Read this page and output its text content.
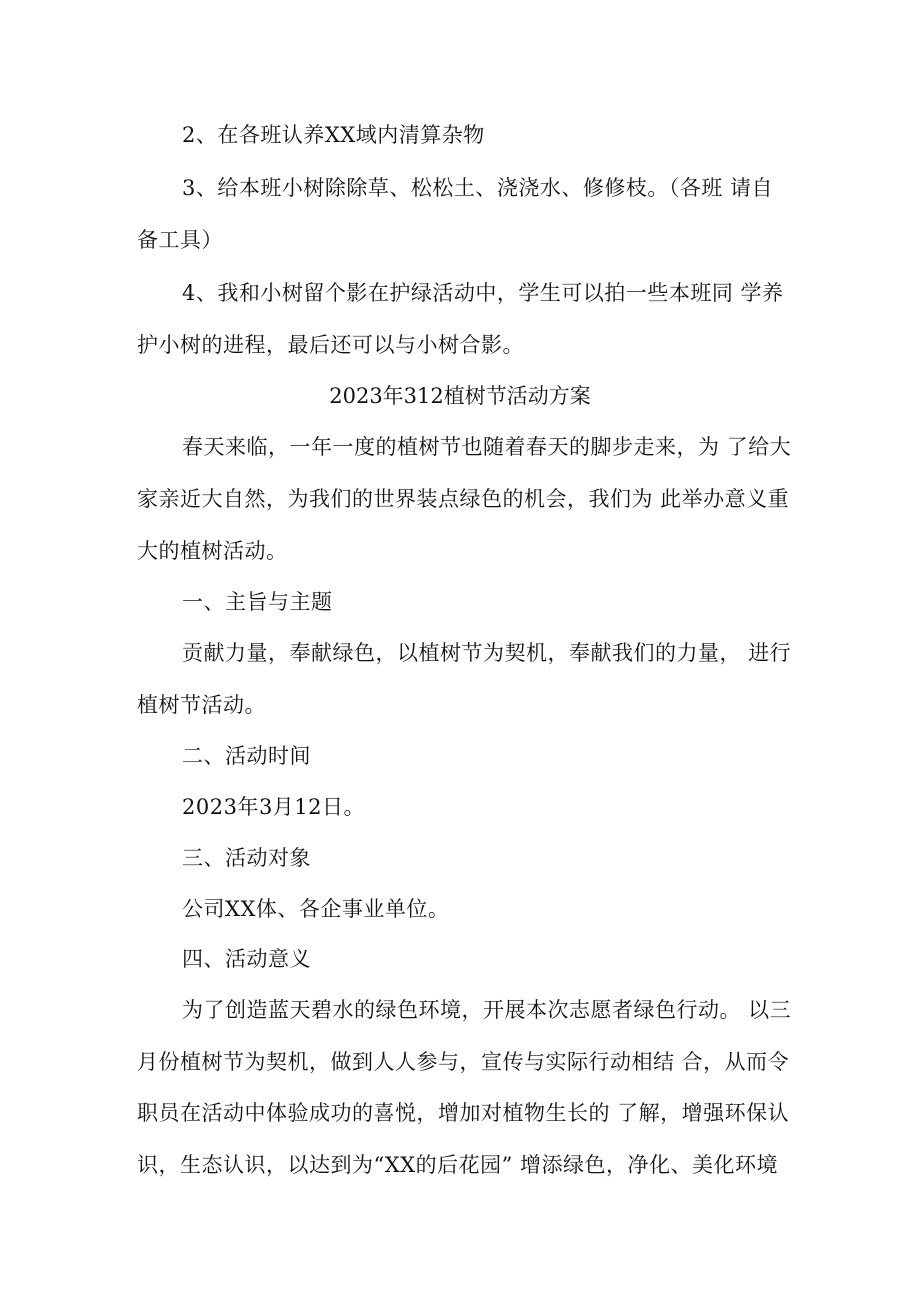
2、在各班认养XX域内清算杂物
3、给本班小树除除草、松松土、浇浇水、修修枝。（各班 请自
备工具）
4、我和小树留个影在护绿活动中，学生可以拍一些本班同 学养
护小树的进程，最后还可以与小树合影。
2023年312植树节活动方案
春天来临，一年一度的植树节也随着春天的脚步走来，为 了给大
家亲近大自然，为我们的世界装点绿色的机会，我们为 此举办意义重
大的植树活动。
一、主旨与主题
贡献力量，奉献绿色，以植树节为契机，奉献我们的力量， 进行
植树节活动。
二、活动时间
2023年3月12日。
三、活动对象
公司XX体、各企事业单位。
四、活动意义
为了创造蓝天碧水的绿色环境，开展本次志愿者绿色行动。 以三
月份植树节为契机，做到人人参与，宣传与实际行动相结 合，从而令
职员在活动中体验成功的喜悦，增加对植物生长的 了解，增强环保认
识，生态认识，以达到为“XX的后花园” 增添绿色，净化、美化环境
